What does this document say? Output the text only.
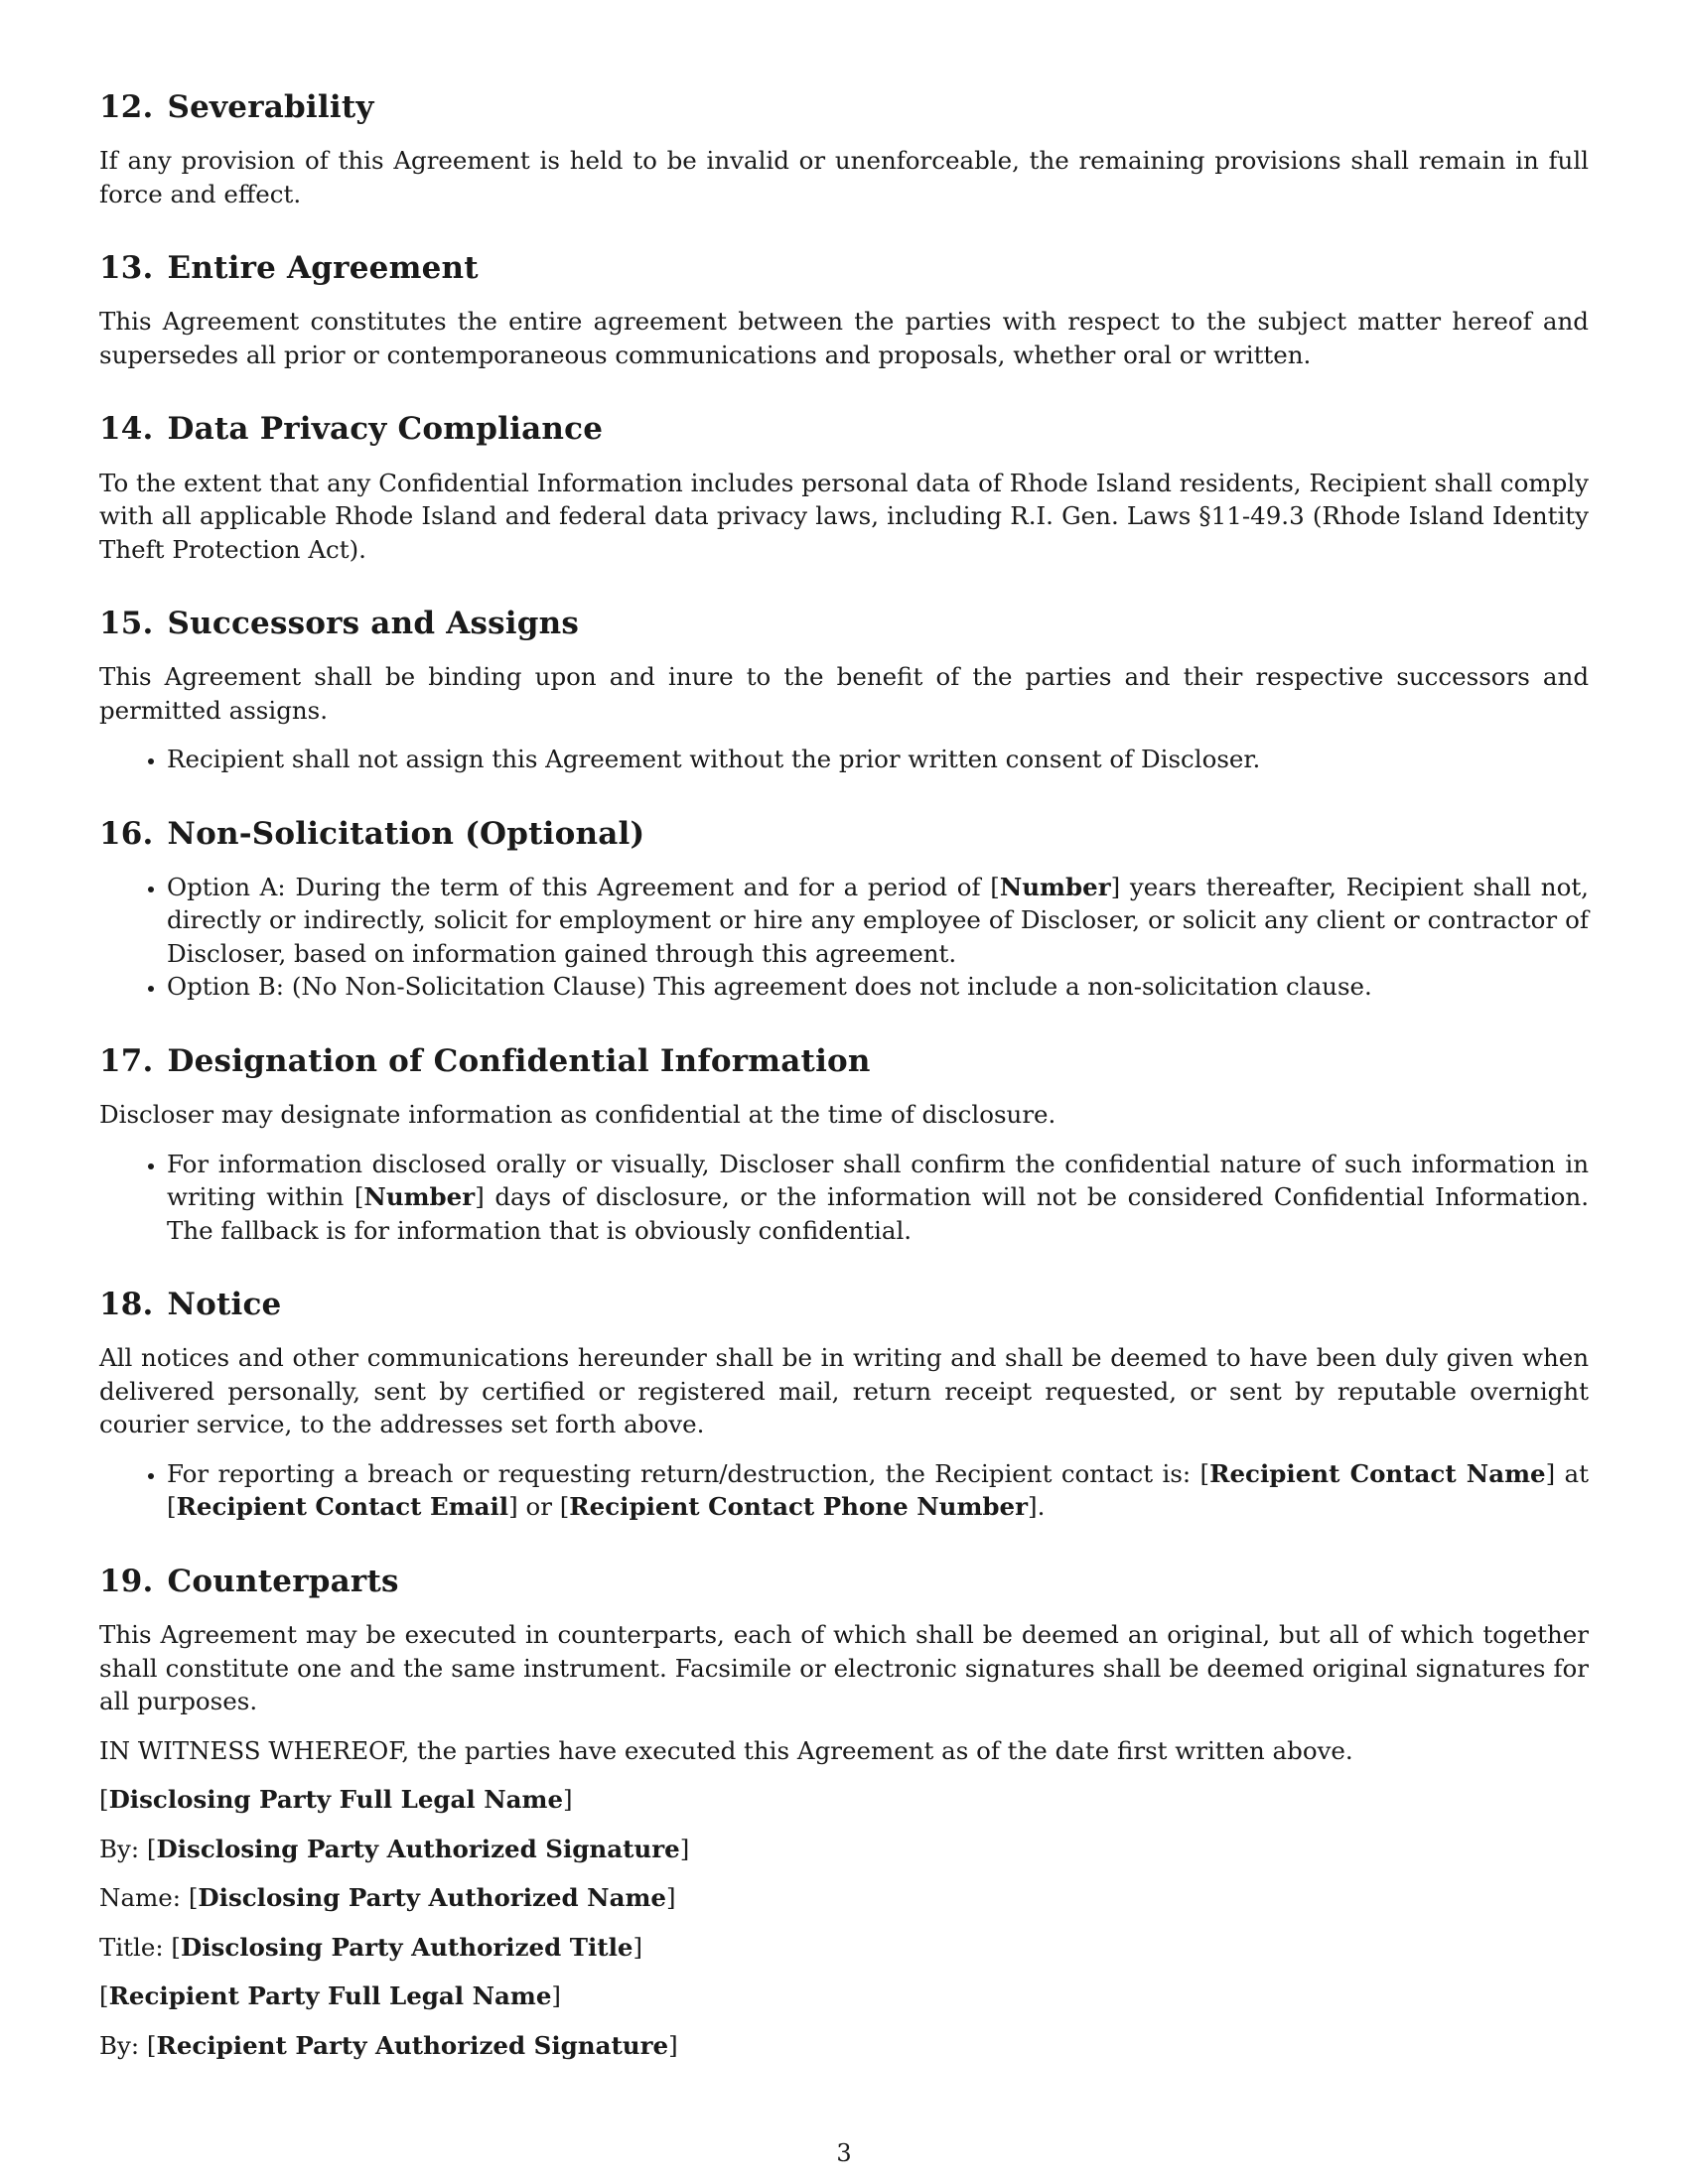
12. Severability

If any provision of this Agreement is held to be invalid or unenforceable, the remaining provisions shall remain in full force and effect.

13. Entire Agreement

This Agreement constitutes the entire agreement between the parties with respect to the subject matter hereof and supersedes all prior or contemporaneous communications and proposals, whether oral or written.

14. Data Privacy Compliance

To the extent that any Confidential Information includes personal data of Rhode Island residents, Recipient shall comply with all applicable Rhode Island and federal data privacy laws, including R.I. Gen. Laws §11-49.3 (Rhode Island Identity Theft Protection Act).

15. Successors and Assigns

This Agreement shall be binding upon and inure to the benefit of the parties and their respective successors and permitted assigns.

• Recipient shall not assign this Agreement without the prior written consent of Discloser.
16. Non-Solicitation (Optional)
• Option A: During the term of this Agreement and for a period of [Number] years thereafter, Recipient shall not, directly or indirectly, solicit for employment or hire any employee of Discloser, or solicit any client or contractor of Discloser, based on information gained through this agreement.
• Option B: (No Non-Solicitation Clause) This agreement does not include a non-solicitation clause.
17. Designation of Confidential Information

Discloser may designate information as confidential at the time of disclosure.

• For information disclosed orally or visually, Discloser shall confirm the confidential nature of such information in writing within [Number] days of disclosure, or the information will not be considered Confidential Information. The fallback is for information that is obviously confidential.
18. Notice

All notices and other communications hereunder shall be in writing and shall be deemed to have been duly given when delivered personally, sent by certified or registered mail, return receipt requested, or sent by reputable overnight courier service, to the addresses set forth above.

• For reporting a breach or requesting return/destruction, the Recipient contact is: [Recipient Contact Name] at [Recipient Contact Email] or [Recipient Contact Phone Number].
19. Counterparts

This Agreement may be executed in counterparts, each of which shall be deemed an original, but all of which together shall constitute one and the same instrument. Facsimile or electronic signatures shall be deemed original signatures for all purposes.

IN WITNESS WHEREOF, the parties have executed this Agreement as of the date first written above.

[Disclosing Party Full Legal Name]
By: [Disclosing Party Authorized Signature]
Name: [Disclosing Party Authorized Name]
Title: [Disclosing Party Authorized Title]
[Recipient Party Full Legal Name]
By: [Recipient Party Authorized Signature]
3
